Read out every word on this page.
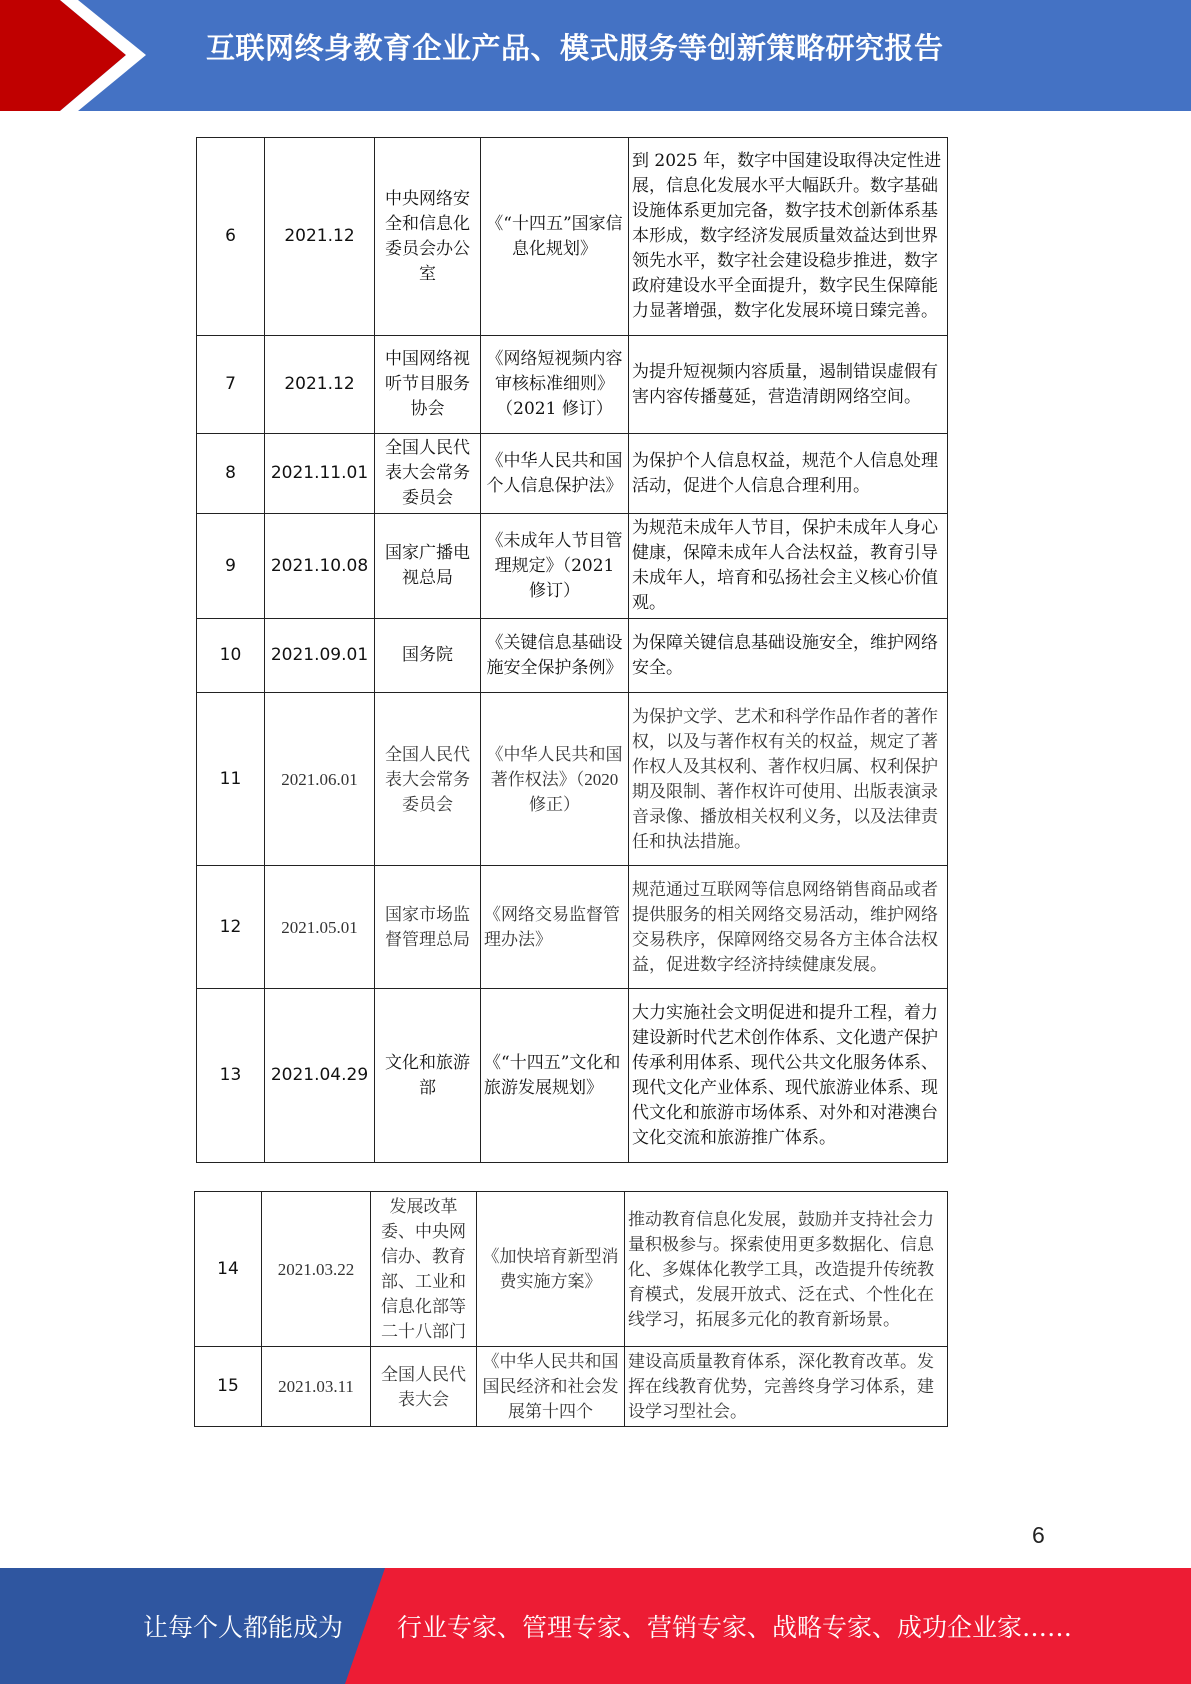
互联网终身教育企业产品、模式服务等创新策略研究报告
6	2021.12	中央网络安全和信息化委员会办公室	《“十四五”国家信息化规划》	到 2025 年，数字中国建设取得决定性进展，信息化发展水平大幅跃升。数字基础设施体系更加完备，数字技术创新体系基本形成，数字经济发展质量效益达到世界领先水平，数字社会建设稳步推进，数字政府建设水平全面提升，数字民生保障能力显著增强，数字化发展环境日臻完善。
7	2021.12	中国网络视听节目服务协会	《网络短视频内容审核标准细则》（2021 修订）	为提升短视频内容质量，遏制错误虚假有害内容传播蔓延，营造清朗网络空间。
8	2021.11.01	全国人民代表大会常务委员会	《中华人民共和国个人信息保护法》	为保护个人信息权益，规范个人信息处理活动，促进个人信息合理利用。
9	2021.10.08	国家广播电视总局	《未成年人节目管理规定》（2021 修订）	为规范未成年人节目，保护未成年人身心健康，保障未成年人合法权益，教育引导未成年人，培育和弘扬社会主义核心价值观。
10	2021.09.01	国务院	《关键信息基础设施安全保护条例》	为保障关键信息基础设施安全，维护网络安全。
11	2021.06.01	全国人民代表大会常务委员会	《中华人民共和国著作权法》（2020 修正）	为保护文学、艺术和科学作品作者的著作权，以及与著作权有关的权益，规定了著作权人及其权利、著作权归属、权利保护期及限制、著作权许可使用、出版表演录音录像、播放相关权利义务，以及法律责任和执法措施。
12	2021.05.01	国家市场监督管理总局	《网络交易监督管理办法》	规范通过互联网等信息网络销售商品或者提供服务的相关网络交易活动，维护网络交易秩序，保障网络交易各方主体合法权益，促进数字经济持续健康发展。
13	2021.04.29	文化和旅游部	《“十四五”文化和旅游发展规划》	大力实施社会文明促进和提升工程，着力建设新时代艺术创作体系、文化遗产保护传承利用体系、现代公共文化服务体系、现代文化产业体系、现代旅游业体系、现代文化和旅游市场体系、对外和对港澳台文化交流和旅游推广体系。
14	2021.03.22	发展改革委、中央网信办、教育部、工业和信息化部等二十八部门	《加快培育新型消费实施方案》	推动教育信息化发展，鼓励并支持社会力量积极参与。探索使用更多数据化、信息化、多媒体化教学工具，改造提升传统教育模式，发展开放式、泛在式、个性化在线学习，拓展多元化的教育新场景。
15	2021.03.11	全国人民代表大会	《中华人民共和国国民经济和社会发展第十四个	建设高质量教育体系，深化教育改革。发挥在线教育优势，完善终身学习体系，建设学习型社会。
6
让每个人都能成为 行业专家、管理专家、营销专家、战略专家、成功企业家……
